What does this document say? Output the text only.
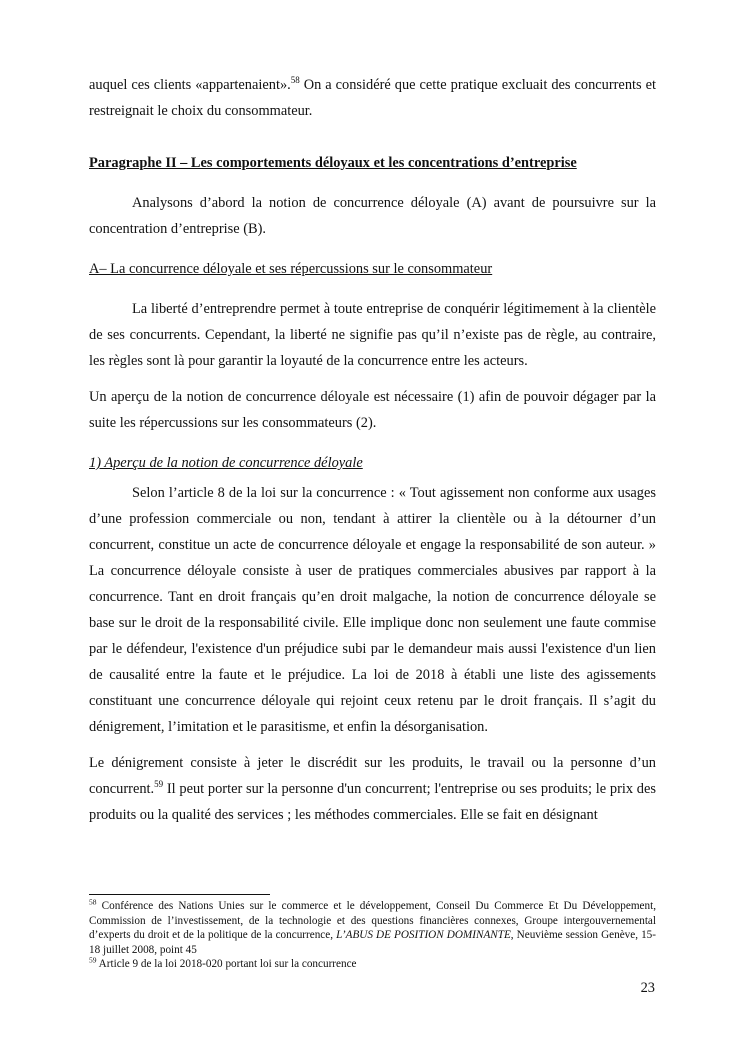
auquel ces clients «appartenaient».$^{58}$ On a considéré que cette pratique excluait des concurrents et restreignait le choix du consommateur.

Paragraphe II – Les comportements déloyaux et les concentrations d’entreprise

Analysons d’abord la notion de concurrence déloyale (A) avant de poursuivre sur la concentration d’entreprise (B).

A– La concurrence déloyale et ses répercussions sur le consommateur

La liberté d’entreprendre permet à toute entreprise de conquérir légitimement à la clientèle de ses concurrents. Cependant, la liberté ne signifie pas qu’il n’existe pas de règle, au contraire, les règles sont là pour garantir la loyauté de la concurrence entre les acteurs.

Un aperçu de la notion de concurrence déloyale est nécessaire (1) afin de pouvoir dégager par la suite les répercussions sur les consommateurs (2).

1) Aperçu de la notion de concurrence déloyale

Selon l’article 8 de la loi sur la concurrence : « Tout agissement non conforme aux usages d’une profession commerciale ou non, tendant à attirer la clientèle ou à la détourner d’un concurrent, constitue un acte de concurrence déloyale et engage la responsabilité de son auteur. » La concurrence déloyale consiste à user de pratiques commerciales abusives par rapport à la concurrence. Tant en droit français qu’en droit malgache, la notion de concurrence déloyale se base sur le droit de la responsabilité civile. Elle implique donc non seulement une faute commise par le défendeur, l'existence d'un préjudice subi par le demandeur mais aussi l'existence d'un lien de causalité entre la faute et le préjudice. La loi de 2018 à établi une liste des agissements constituant une concurrence déloyale qui rejoint ceux retenu par le droit français. Il s’agit du dénigrement, l’imitation et le parasitisme, et enfin la désorganisation.

Le dénigrement consiste à jeter le discrédit sur les produits, le travail ou la personne d’un concurrent.$^{59}$ Il peut porter sur la personne d'un concurrent; l'entreprise ou ses produits; le prix des produits ou la qualité des services ; les méthodes commerciales. Elle se fait en désignant

$^{58}$ Conférence des Nations Unies sur le commerce et le développement, Conseil Du Commerce Et Du Développement, Commission de l’investissement, de la technologie et des questions financières connexes, Groupe intergouvernemental d’experts du droit et de la politique de la concurrence, L’ABUS DE POSITION DOMINANTE, Neuvième session Genève, 15-18 juillet 2008, point 45

$^{59}$ Article 9 de la loi 2018-020 portant loi sur la concurrence

23
